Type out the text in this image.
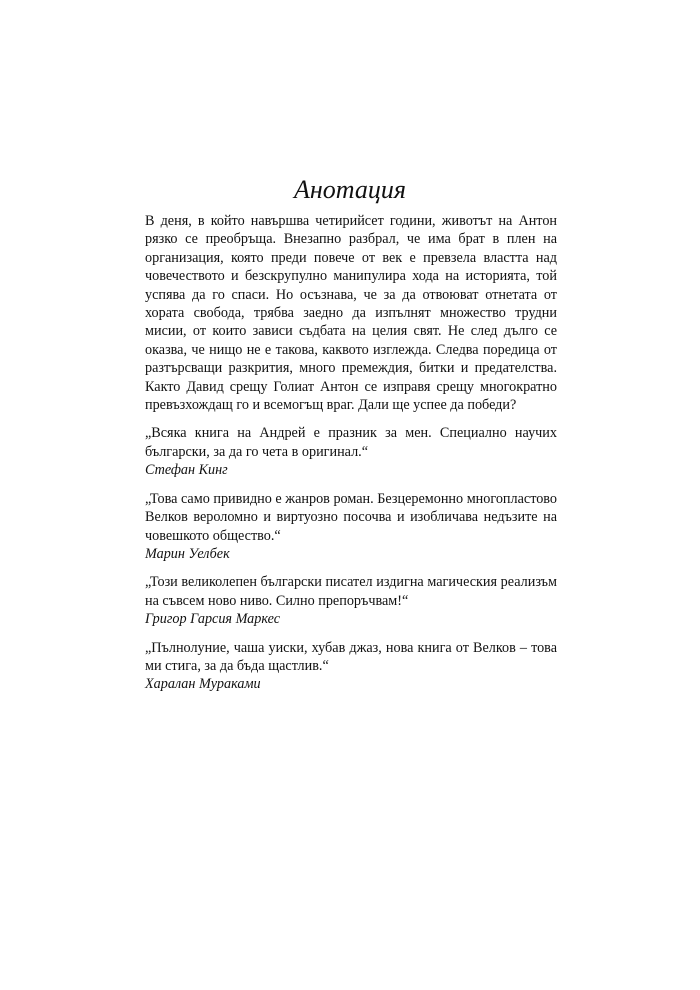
Анотация

В деня, в който навършва четирийсет години, животът на Антон рязко се преобръща. Внезапно разбрал, че има брат в плен на организация, която преди повече от век е превзела властта над човечеството и безскрупулно манипулира хода на историята, той успява да го спаси. Но осъзнава, че за да отвоюват отнетата от хората свобода, трябва заедно да изпълнят множество трудни мисии, от които зависи съдбата на целия свят. Не след дълго се оказва, че нищо не е такова, каквото изглежда. Следва поредица от разтърсващи разкрития, много премеждия, битки и предателства. Както Давид срещу Голиат Антон се изправя срещу многократно превъзхождащ го и всемогъщ враг. Дали ще успее да победи?

„Всяка книга на Андрей е празник за мен. Специално научих български, за да го чета в оригинал.“

Стефан Кинг

„Това само привидно е жанров роман. Безцеремонно многопластово Велков вероломно и виртуозно посочва и изобличава недъзите на човешкото общество.“

Марин Уелбек

„Този великолепен български писател издигна магическия реализъм на съвсем ново ниво. Силно препоръчвам!“

Григор Гарсия Маркес

„Пълнолуние, чаша уиски, хубав джаз, нова книга от Велков – това ми стига, за да бъда щастлив.“

Харалан Мураками
